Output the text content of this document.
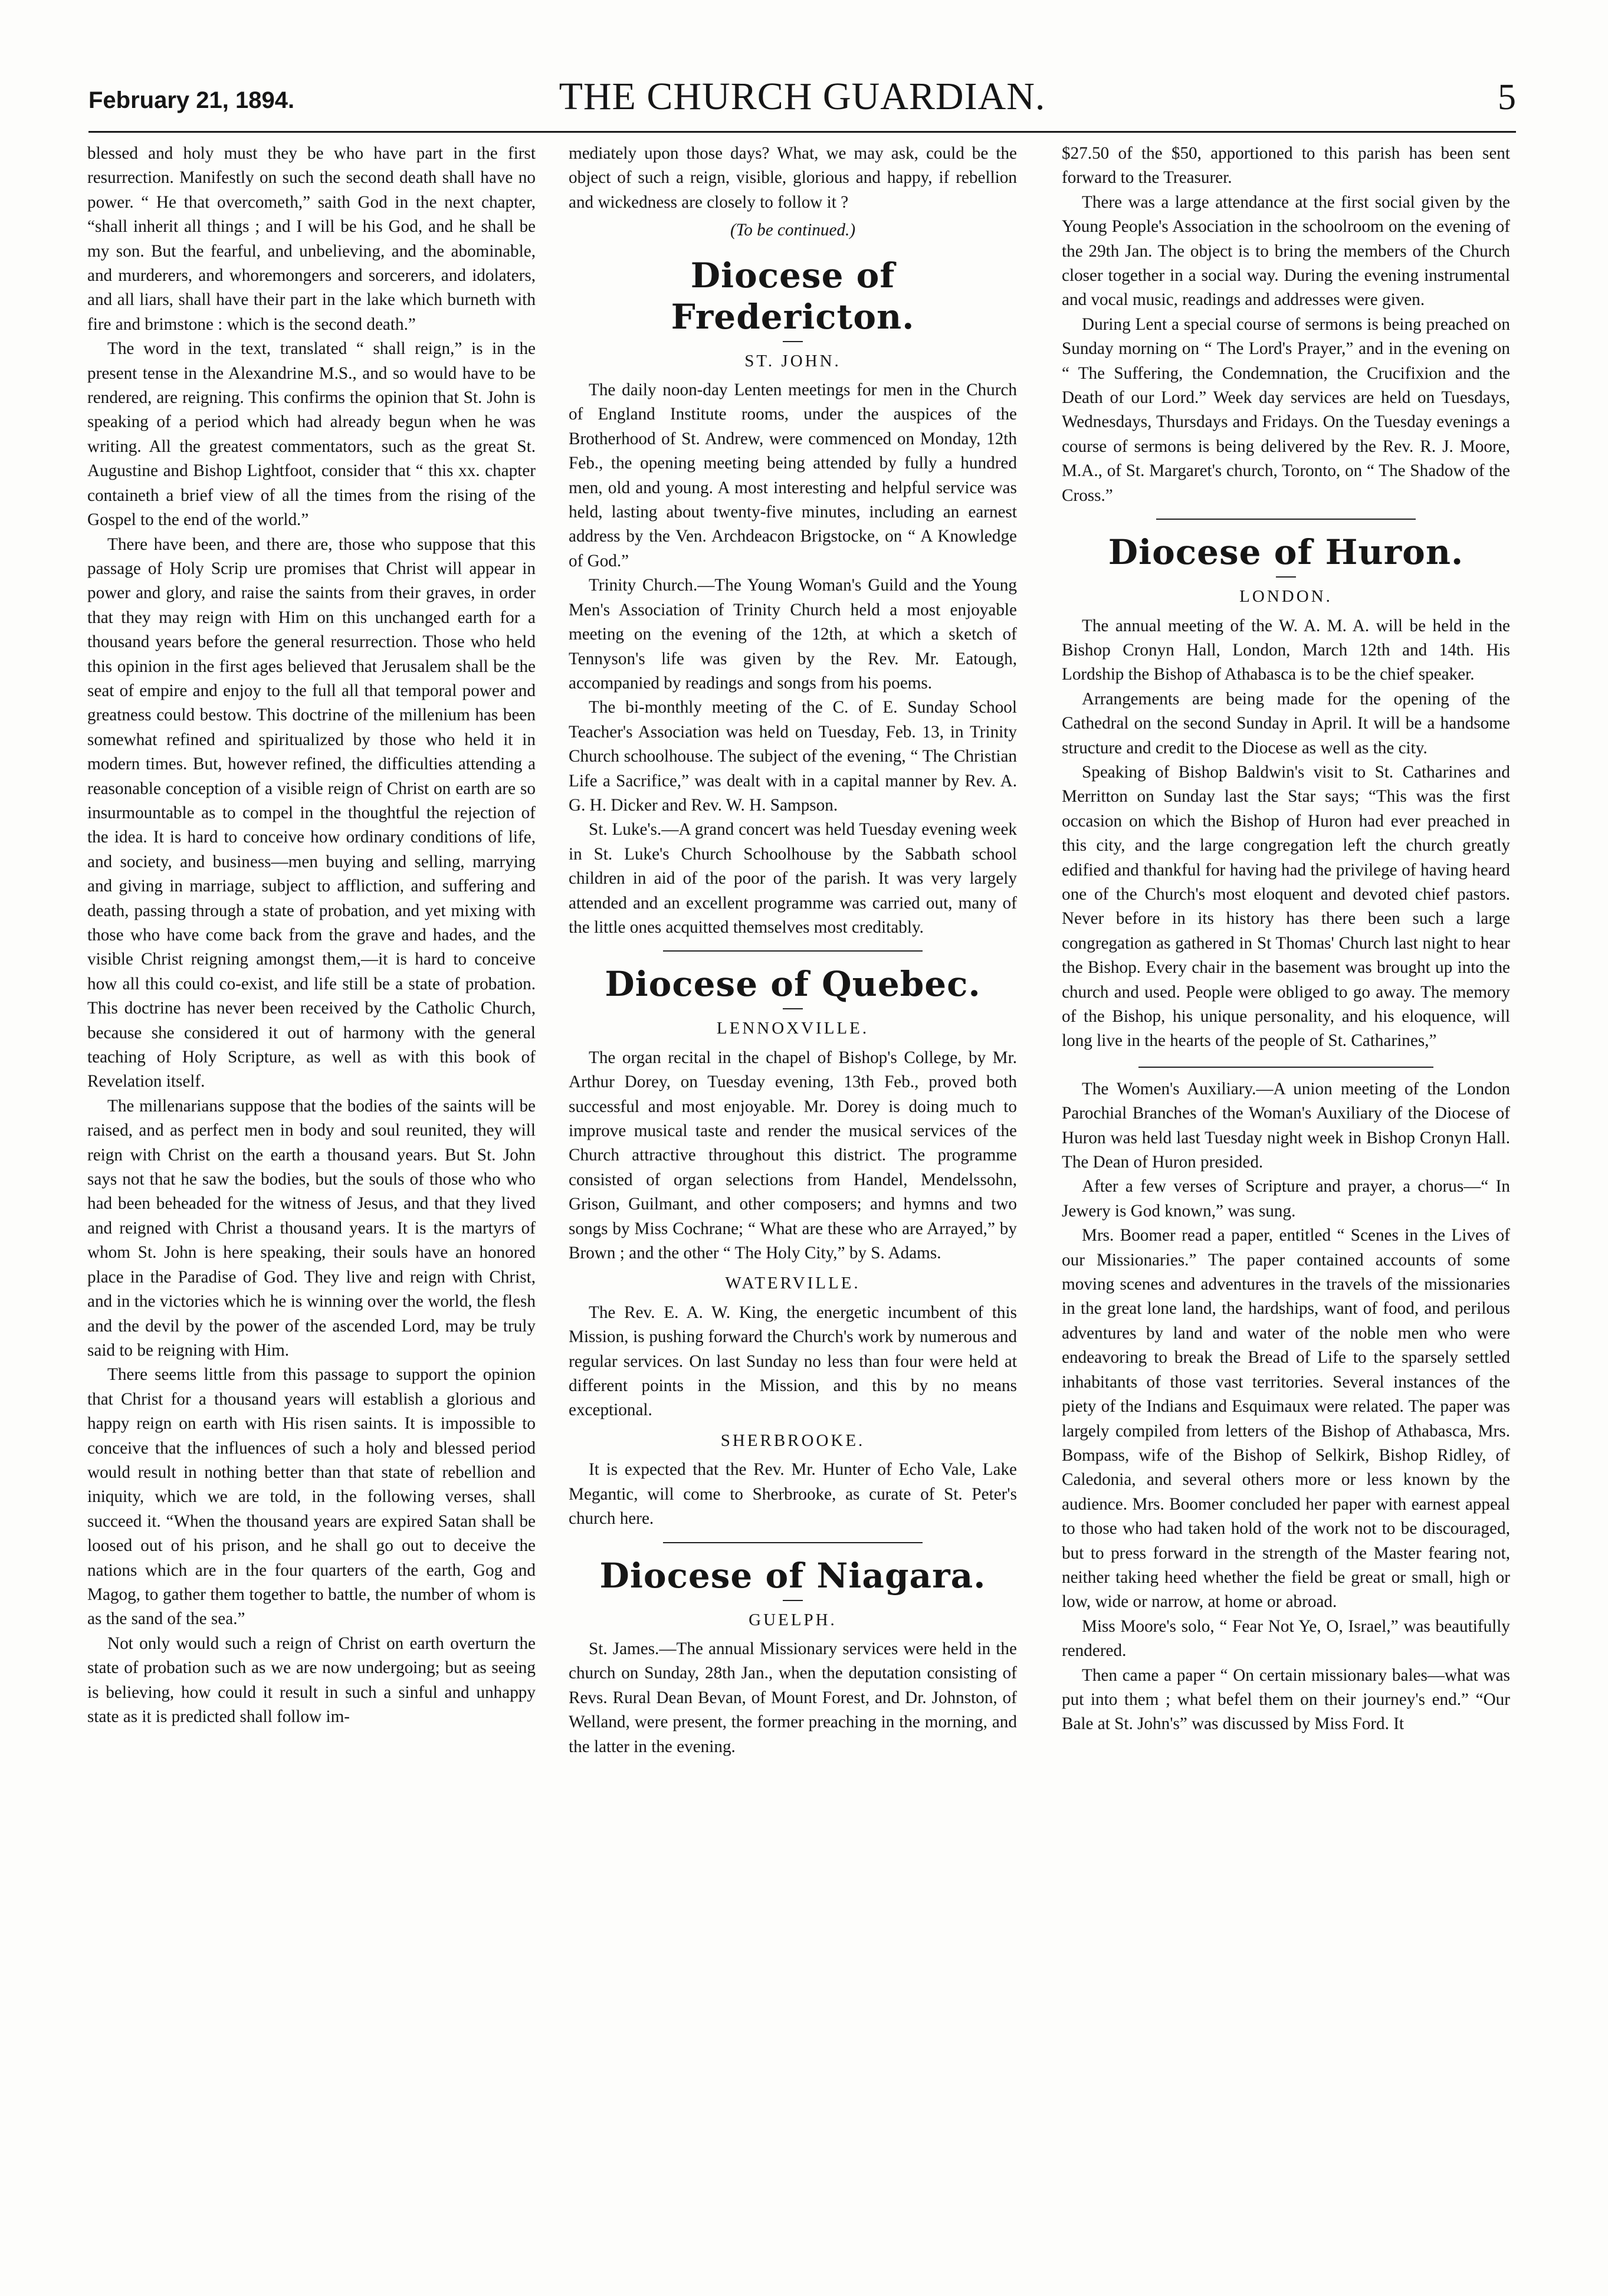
February 21, 1894.	THE CHURCH GUARDIAN.	5

blessed and holy must they be who have part in the first resurrection. Manifestly on such the second death shall have no power. “ He that overcometh,” saith God in the next chapter, “shall inherit all things ; and I will be his God, and he shall be my son. But the fearful, and unbelieving, and the abominable, and murderers, and whoremongers and sorcerers, and idolaters, and all liars, shall have their part in the lake which burneth with fire and brimstone : which is the second death.”

The word in the text, translated “ shall reign,” is in the present tense in the Alexandrine M.S., and so would have to be rendered, are reigning. This confirms the opinion that St. John is speaking of a period which had already begun when he was writing. All the greatest commentators, such as the great St. Augustine and Bishop Lightfoot, consider that “ this xx. chapter containeth a brief view of all the times from the rising of the Gospel to the end of the world.”

There have been, and there are, those who suppose that this passage of Holy Scrip ure promises that Christ will appear in power and glory, and raise the saints from their graves, in order that they may reign with Him on this unchanged earth for a thousand years before the general resurrection. Those who held this opinion in the first ages believed that Jerusalem shall be the seat of empire and enjoy to the full all that temporal power and greatness could bestow. This doctrine of the millenium has been somewhat refined and spiritualized by those who held it in modern times. But, however refined, the difficulties attending a reasonable conception of a visible reign of Christ on earth are so insurmountable as to compel in the thoughtful the rejection of the idea. It is hard to conceive how ordinary conditions of life, and society, and business—men buying and selling, marrying and giving in marriage, subject to affliction, and suffering and death, passing through a state of probation, and yet mixing with those who have come back from the grave and hades, and the visible Christ reigning amongst them,—it is hard to conceive how all this could co-exist, and life still be a state of probation. This doctrine has never been received by the Catholic Church, because she considered it out of harmony with the general teaching of Holy Scripture, as well as with this book of Revelation itself.

The millenarians suppose that the bodies of the saints will be raised, and as perfect men in body and soul reunited, they will reign with Christ on the earth a thousand years. But St. John says not that he saw the bodies, but the souls of those who who had been beheaded for the witness of Jesus, and that they lived and reigned with Christ a thousand years. It is the martyrs of whom St. John is here speaking, their souls have an honored place in the Paradise of God. They live and reign with Christ, and in the victories which he is winning over the world, the flesh and the devil by the power of the ascended Lord, may be truly said to be reigning with Him.

There seems little from this passage to support the opinion that Christ for a thousand years will establish a glorious and happy reign on earth with His risen saints. It is impossible to conceive that the influences of such a holy and blessed period would result in nothing better than that state of rebellion and iniquity, which we are told, in the following verses, shall succeed it. “When the thousand years are expired Satan shall be loosed out of his prison, and he shall go out to deceive the nations which are in the four quarters of the earth, Gog and Magog, to gather them together to battle, the number of whom is as the sand of the sea.”

Not only would such a reign of Christ on earth overturn the state of probation such as we are now undergoing; but as seeing is believing, how could it result in such a sinful and unhappy state as it is predicted shall follow im-

mediately upon those days? What, we may ask, could be the object of such a reign, visible, glorious and happy, if rebellion and wickedness are closely to follow it ?

(To be continued.)
Diocese of Fredericton.
ST. JOHN.

The daily noon-day Lenten meetings for men in the Church of England Institute rooms, under the auspices of the Brotherhood of St. Andrew, were commenced on Monday, 12th Feb., the opening meeting being attended by fully a hundred men, old and young. A most interesting and helpful service was held, lasting about twenty-five minutes, including an earnest address by the Ven. Archdeacon Brigstocke, on “ A Knowledge of God.”

Trinity Church.—The Young Woman's Guild and the Young Men's Association of Trinity Church held a most enjoyable meeting on the evening of the 12th, at which a sketch of Tennyson's life was given by the Rev. Mr. Eatough, accompanied by readings and songs from his poems.

The bi-monthly meeting of the C. of E. Sunday School Teacher's Association was held on Tuesday, Feb. 13, in Trinity Church schoolhouse. The subject of the evening, “ The Christian Life a Sacrifice,” was dealt with in a capital manner by Rev. A. G. H. Dicker and Rev. W. H. Sampson.

St. Luke's.—A grand concert was held Tuesday evening week in St. Luke's Church Schoolhouse by the Sabbath school children in aid of the poor of the parish. It was very largely attended and an excellent programme was carried out, many of the little ones acquitted themselves most creditably.

Diocese of Quebec.
LENNOXVILLE.

The organ recital in the chapel of Bishop's College, by Mr. Arthur Dorey, on Tuesday evening, 13th Feb., proved both successful and most enjoyable. Mr. Dorey is doing much to improve musical taste and render the musical services of the Church attractive throughout this district. The programme consisted of organ selections from Handel, Mendelssohn, Grison, Guilmant, and other composers; and hymns and two songs by Miss Cochrane; “ What are these who are Arrayed,” by Brown ; and the other “ The Holy City,” by S. Adams.

WATERVILLE.

The Rev. E. A. W. King, the energetic incumbent of this Mission, is pushing forward the Church's work by numerous and regular services. On last Sunday no less than four were held at different points in the Mission, and this by no means exceptional.

SHERBROOKE.

It is expected that the Rev. Mr. Hunter of Echo Vale, Lake Megantic, will come to Sherbrooke, as curate of St. Peter's church here.

Diocese of Niagara.
GUELPH.

St. James.—The annual Missionary services were held in the church on Sunday, 28th Jan., when the deputation consisting of Revs. Rural Dean Bevan, of Mount Forest, and Dr. Johnston, of Welland, were present, the former preaching in the morning, and the latter in the evening.

$27.50 of the $50, apportioned to this parish has been sent forward to the Treasurer.

There was a large attendance at the first social given by the Young People's Association in the schoolroom on the evening of the 29th Jan. The object is to bring the members of the Church closer together in a social way. During the evening instrumental and vocal music, readings and addresses were given.

During Lent a special course of sermons is being preached on Sunday morning on “ The Lord's Prayer,” and in the evening on “ The Suffering, the Condemnation, the Crucifixion and the Death of our Lord.” Week day services are held on Tuesdays, Wednesdays, Thursdays and Fridays. On the Tuesday evenings a course of sermons is being delivered by the Rev. R. J. Moore, M.A., of St. Margaret's church, Toronto, on “ The Shadow of the Cross.”

Diocese of Huron.
LONDON.

The annual meeting of the W. A. M. A. will be held in the Bishop Cronyn Hall, London, March 12th and 14th. His Lordship the Bishop of Athabasca is to be the chief speaker.

Arrangements are being made for the opening of the Cathedral on the second Sunday in April. It will be a handsome structure and credit to the Diocese as well as the city.

Speaking of Bishop Baldwin's visit to St. Catharines and Merritton on Sunday last the Star says; “This was the first occasion on which the Bishop of Huron had ever preached in this city, and the large congregation left the church greatly edified and thankful for having had the privilege of having heard one of the Church's most eloquent and devoted chief pastors. Never before in its history has there been such a large congregation as gathered in St Thomas' Church last night to hear the Bishop. Every chair in the basement was brought up into the church and used. People were obliged to go away. The memory of the Bishop, his unique personality, and his eloquence, will long live in the hearts of the people of St. Catharines,”

The Women's Auxiliary.—A union meeting of the London Parochial Branches of the Woman's Auxiliary of the Diocese of Huron was held last Tuesday night week in Bishop Cronyn Hall. The Dean of Huron presided.

After a few verses of Scripture and prayer, a chorus—“ In Jewery is God known,” was sung.

Mrs. Boomer read a paper, entitled “ Scenes in the Lives of our Missionaries.” The paper contained accounts of some moving scenes and adventures in the travels of the missionaries in the great lone land, the hardships, want of food, and perilous adventures by land and water of the noble men who were endeavoring to break the Bread of Life to the sparsely settled inhabitants of those vast territories. Several instances of the piety of the Indians and Esquimaux were related. The paper was largely compiled from letters of the Bishop of Athabasca, Mrs. Bompass, wife of the Bishop of Selkirk, Bishop Ridley, of Caledonia, and several others more or less known by the audience. Mrs. Boomer concluded her paper with earnest appeal to those who had taken hold of the work not to be discouraged, but to press forward in the strength of the Master fearing not, neither taking heed whether the field be great or small, high or low, wide or narrow, at home or abroad.

Miss Moore's solo, “ Fear Not Ye, O, Israel,” was beautifully rendered.

Then came a paper “ On certain missionary bales—what was put into them ; what befel them on their journey's end.” “Our Bale at St. John's” was discussed by Miss Ford. It
